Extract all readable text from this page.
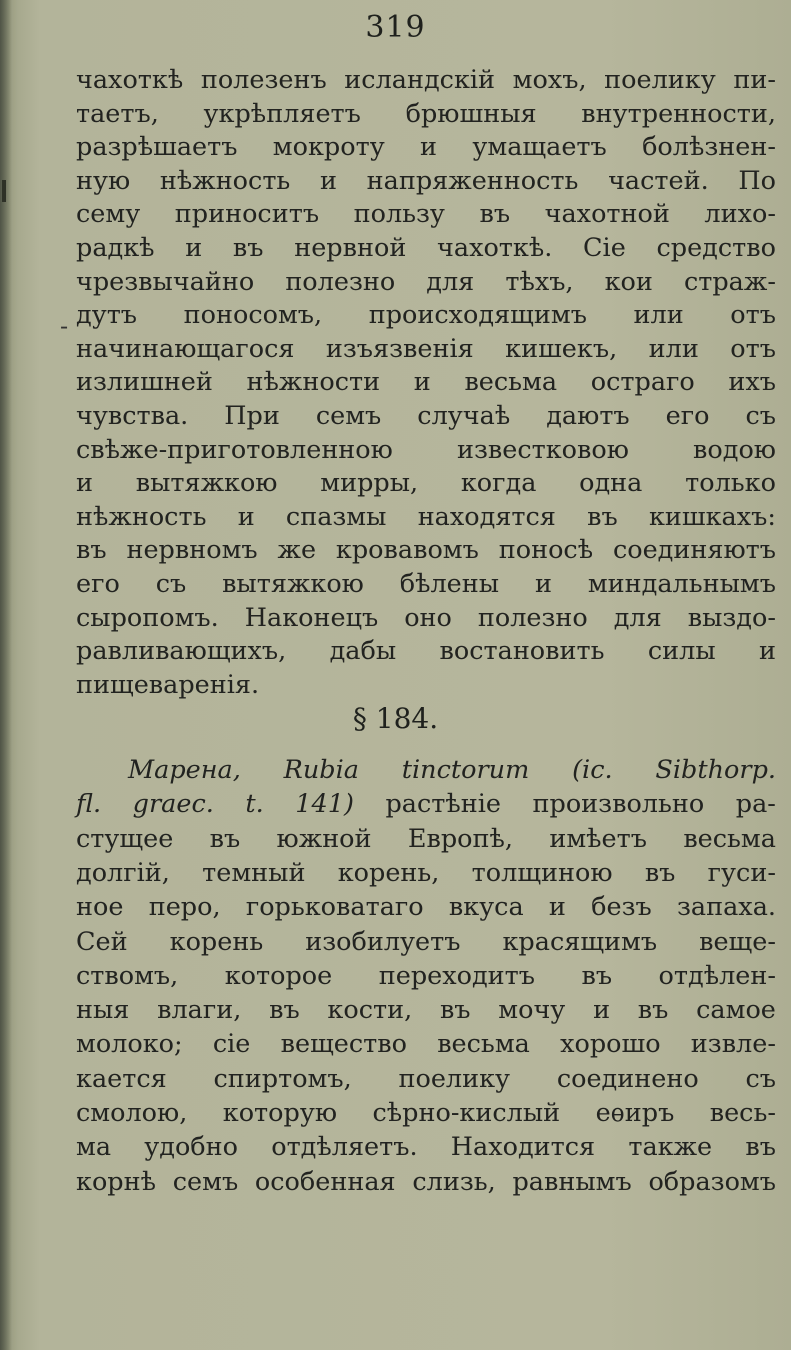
319
-
чахоткѣ полезенъ исландскій мохъ, поелику пи-
таетъ, укрѣпляетъ брюшныя внутренности,
разрѣшаетъ мокроту и умащаетъ болѣзнен-
ную нѣжность и напряженность частей. По
сему приноситъ пользу въ чахотной лихо-
радкѣ и въ нервной чахоткѣ. Сіе средство
чрезвычайно полезно для тѣхъ, кои страж-
дутъ поносомъ, происходящимъ или отъ
начинающагося изъязвенія кишекъ, или отъ
излишней нѣжности и весьма остраго ихъ
чувства. При семъ случаѣ даютъ его съ
свѣже-приготовленною	известковою	водою
и вытяжкою мирры, когда одна только
нѣжность и спазмы находятся въ кишкахъ:
въ нервномъ же кровавомъ поносѣ соединяютъ
его съ вытяжкою бѣлены и миндальнымъ
сыропомъ. Наконецъ оно полезно для выздо-
равливающихъ, дабы востановить силы и
пищеваренія.
§ 184.
Марена, Rubia tinctorum (ic. Sibthorp.
fl. graec. t. 141) растѣніе произвольно ра-
стущее въ южной Европѣ, имѣетъ весьма
долгій, темный корень, толщиною въ гуси-
ное перо, горьковатаго вкуса и безъ запаха.
Сей корень изобилуетъ красящимъ веще-
ствомъ, которое переходитъ въ отдѣлен-
ныя влаги, въ кости, въ мочу и въ самое
молоко; сіе вещество весьма хорошо извле-
кается спиртомъ, поелику соединено съ
смолою, которую сѣрно-кислый еѳиръ весь-
ма удобно отдѣляетъ. Находится также въ
корнѣ семъ особенная слизь, равнымъ образомъ
